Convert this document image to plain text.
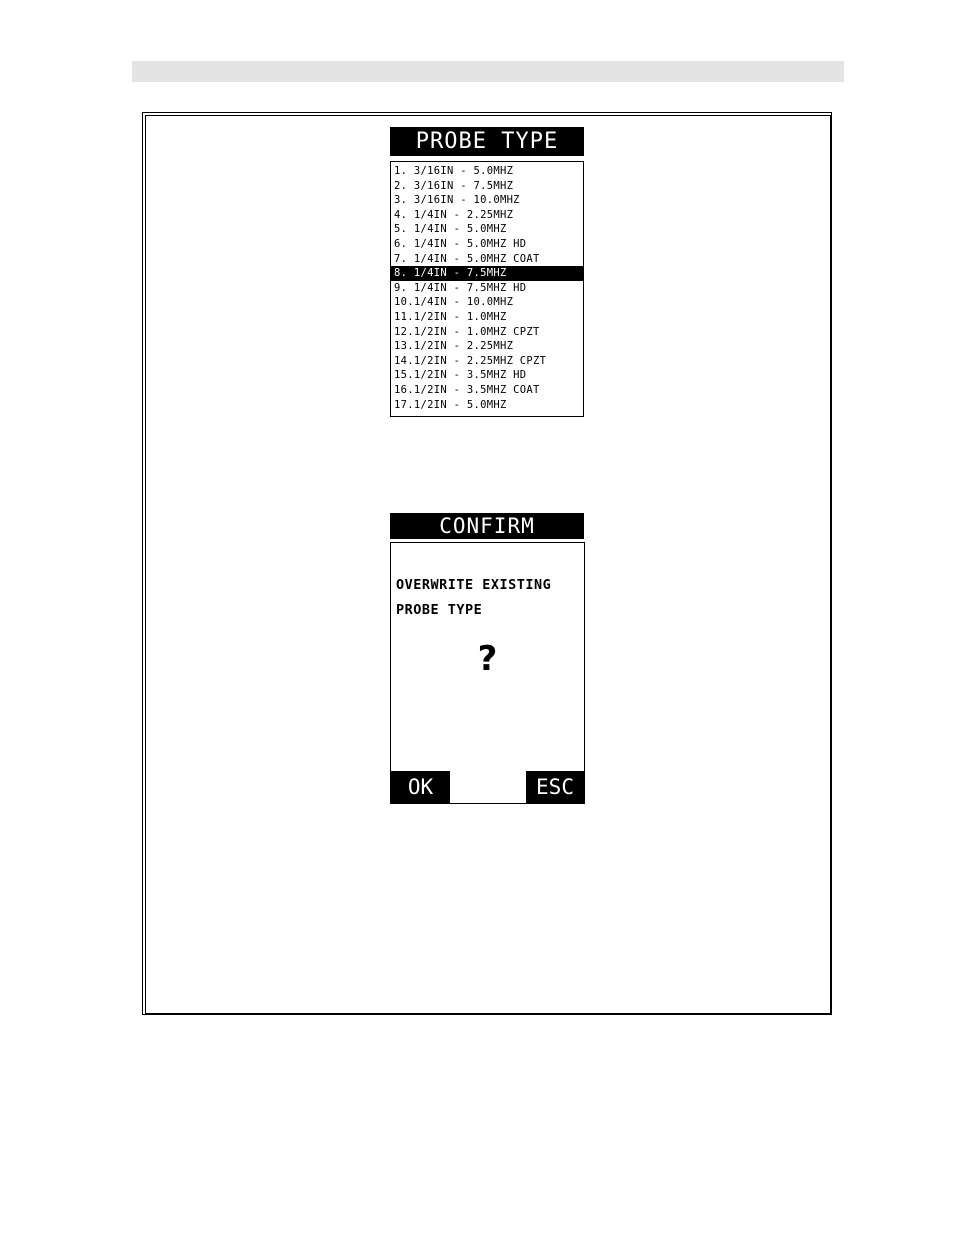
PROBE TYPE
1. 3/16IN - 5.0MHZ
2. 3/16IN - 7.5MHZ
3. 3/16IN - 10.0MHZ
4. 1/4IN - 2.25MHZ
5. 1/4IN - 5.0MHZ
6. 1/4IN - 5.0MHZ HD
7. 1/4IN - 5.0MHZ COAT
8. 1/4IN - 7.5MHZ
9. 1/4IN - 7.5MHZ HD
10.1/4IN - 10.0MHZ
11.1/2IN - 1.0MHZ
12.1/2IN - 1.0MHZ CPZT
13.1/2IN - 2.25MHZ
14.1/2IN - 2.25MHZ CPZT
15.1/2IN - 3.5MHZ HD
16.1/2IN - 3.5MHZ COAT
17.1/2IN - 5.0MHZ
CONFIRM
OVERWRITE EXISTING
PROBE TYPE
?
OK	ESC
